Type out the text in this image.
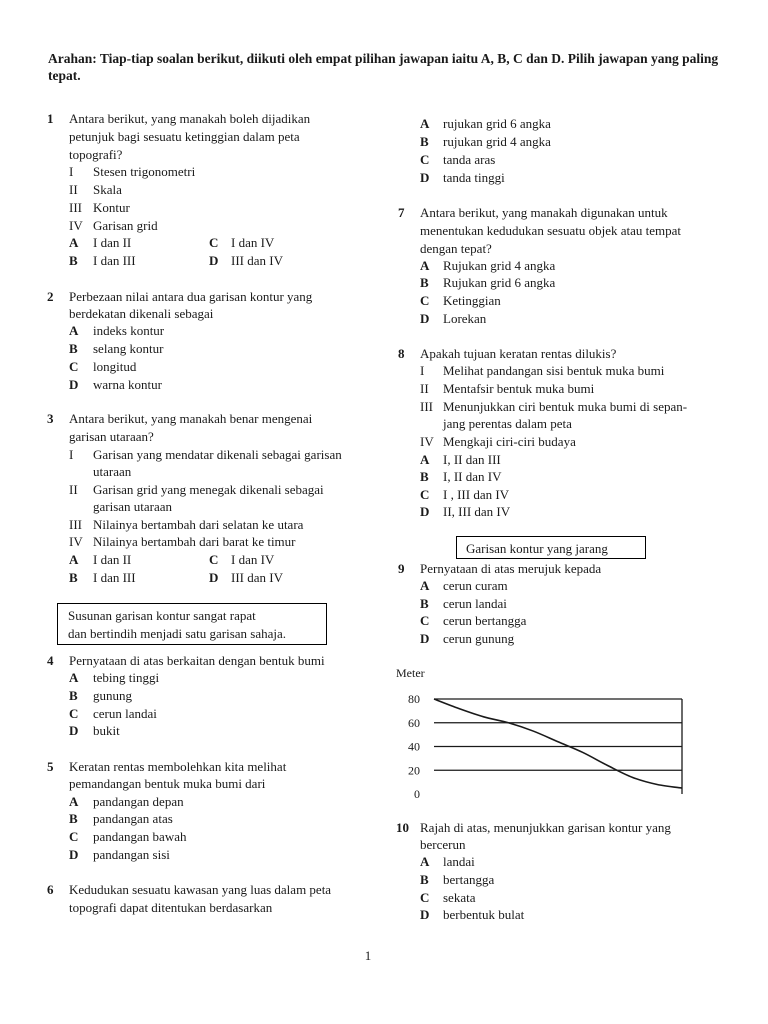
Arahan: Tiap-tiap soalan berikut, diikuti oleh empat pilihan jawapan iaitu A, B, C dan D. Pilih jawapan yang paling tepat.
1 Antara berikut, yang manakah boleh dijadikan
petunjuk bagi sesuatu ketinggian dalam peta
topografi?
I Stesen trigonometri
II Skala
III Kontur
IV Garisan grid
A I dan II	C I dan IV
B I dan III	D III dan IV
2 Perbezaan nilai antara dua garisan kontur yang
berdekatan dikenali sebagai
A indeks kontur
B selang kontur
C longitud
D warna kontur
3 Antara berikut, yang manakah benar mengenai
garisan utaraan?
I Garisan yang mendatar dikenali sebagai garisan
utaraan
II Garisan grid yang menegak dikenali sebagai
garisan utaraan
III Nilainya bertambah dari selatan ke utara
IV Nilainya bertambah dari barat ke timur
A I dan II	C I dan IV
B I dan III	D III dan IV
Susunan garisan kontur sangat rapat
dan bertindih menjadi satu garisan sahaja.
4 Pernyataan di atas berkaitan dengan bentuk bumi
A tebing tinggi
B gunung
C cerun landai
D bukit
5 Keratan rentas membolehkan kita melihat
pemandangan bentuk muka bumi dari
A pandangan depan
B pandangan atas
C pandangan bawah
D pandangan sisi
6 Kedudukan sesuatu kawasan yang luas dalam peta
topografi dapat ditentukan berdasarkan
A rujukan grid 6 angka
B rujukan grid 4 angka
C tanda aras
D tanda tinggi
7 Antara berikut, yang manakah digunakan untuk
menentukan kedudukan sesuatu objek atau tempat
dengan tepat?
A Rujukan grid 4 angka
B Rujukan grid 6 angka
C Ketinggian
D Lorekan
8 Apakah tujuan keratan rentas dilukis?
I Melihat pandangan sisi bentuk muka bumi
II Mentafsir bentuk muka bumi
III Menunjukkan ciri bentuk muka bumi di sepan-
jang perentas dalam peta
IV Mengkaji ciri-ciri budaya
A I, II dan III
B I, II dan IV
C I , III dan IV
D II, III dan IV
Garisan kontur yang jarang
9 Pernyataan di atas merujuk kepada
A cerun curam
B cerun landai
C cerun bertangga
D cerun gunung
Meter
0
20
40
60
80
10 Rajah di atas, menunjukkan garisan kontur yang
bercerun
A landai
B bertangga
C sekata
D berbentuk bulat
1
